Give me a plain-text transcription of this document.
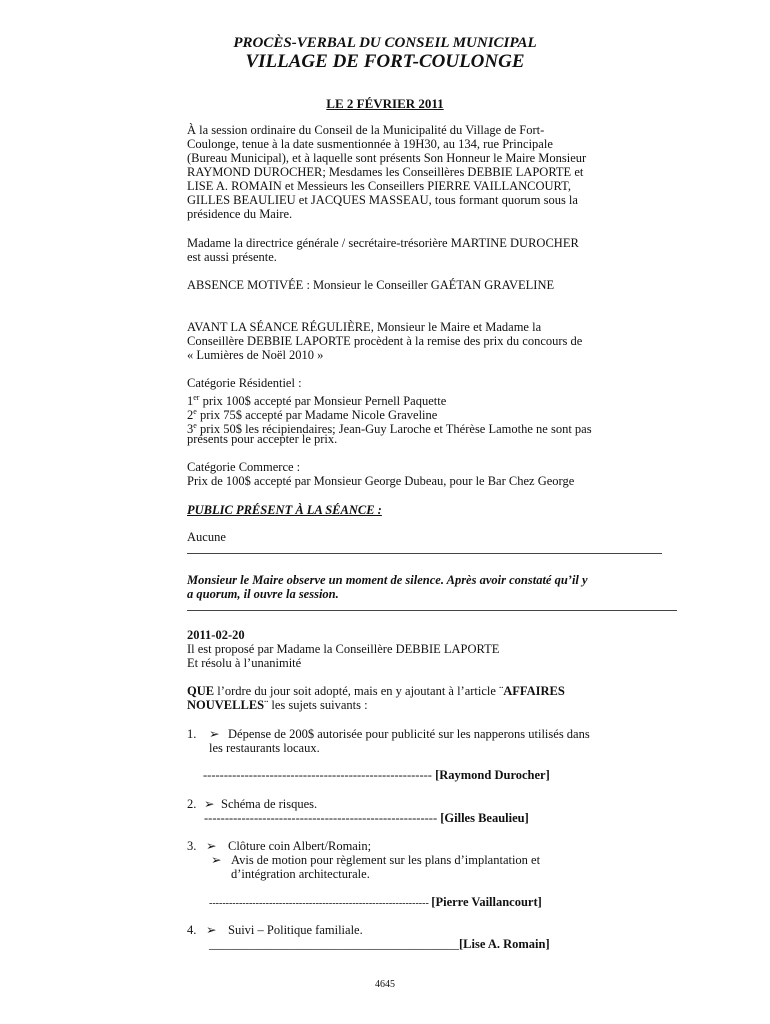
PROCÈS-VERBAL DU CONSEIL MUNICIPAL
VILLAGE DE FORT-COULONGE
LE 2 FÉVRIER 2011
À la session ordinaire du Conseil de la Municipalité du Village de Fort-
Coulonge, tenue à la date susmentionnée à 19H30, au 134, rue Principale
(Bureau Municipal), et à laquelle sont présents Son Honneur le Maire Monsieur
RAYMOND DUROCHER; Mesdames les Conseillères DEBBIE LAPORTE et
LISE A. ROMAIN et Messieurs les Conseillers PIERRE VAILLANCOURT,
GILLES BEAULIEU et JACQUES MASSEAU, tous formant quorum sous la
présidence du Maire.
Madame la directrice générale / secrétaire-trésorière MARTINE DUROCHER
est aussi présente.
ABSENCE MOTIVÉE : Monsieur le Conseiller GAÉTAN GRAVELINE
AVANT LA SÉANCE RÉGULIÈRE, Monsieur le Maire et Madame la
Conseillère DEBBIE LAPORTE procèdent à la remise des prix du concours de
« Lumières de Noël 2010 »
Catégorie Résidentiel :
1er prix 100$ accepté par Monsieur Pernell Paquette
2e prix 75$ accepté par Madame Nicole Graveline
3e prix 50$ les récipiendaires; Jean-Guy Laroche et Thérèse Lamothe ne sont pas
présents pour accepter le prix.
Catégorie Commerce :
Prix de 100$ accepté par Monsieur George Dubeau, pour le Bar Chez George
PUBLIC PRÉSENT À LA SÉANCE :
Aucune
Monsieur le Maire observe un moment de silence. Après avoir constaté qu’il y
a quorum, il ouvre la session.
2011-02-20
Il est proposé par Madame la Conseillère DEBBIE LAPORTE
Et résolu à l’unanimité
QUE l’ordre du jour soit adopté, mais en y ajoutant à l’article ¨AFFAIRES
NOUVELLES¨ les sujets suivants :
1. ➢ Dépense de 200$ autorisée pour publicité sur les napperons utilisés dans
les restaurants locaux.
------------------------------------------------------- [Raymond Durocher]
2. ➢ Schéma de risques.
-------------------------------------------------------- [Gilles Beaulieu]
3. ➢ Clôture coin Albert/Romain;
➢ Avis de motion pour règlement sur les plans d’implantation et
d’intégration architecturale.
------------------------------------------------------------------ [Pierre Vaillancourt]
4. ➢ Suivi – Politique familiale.
________________________________________[Lise A. Romain]
4645
